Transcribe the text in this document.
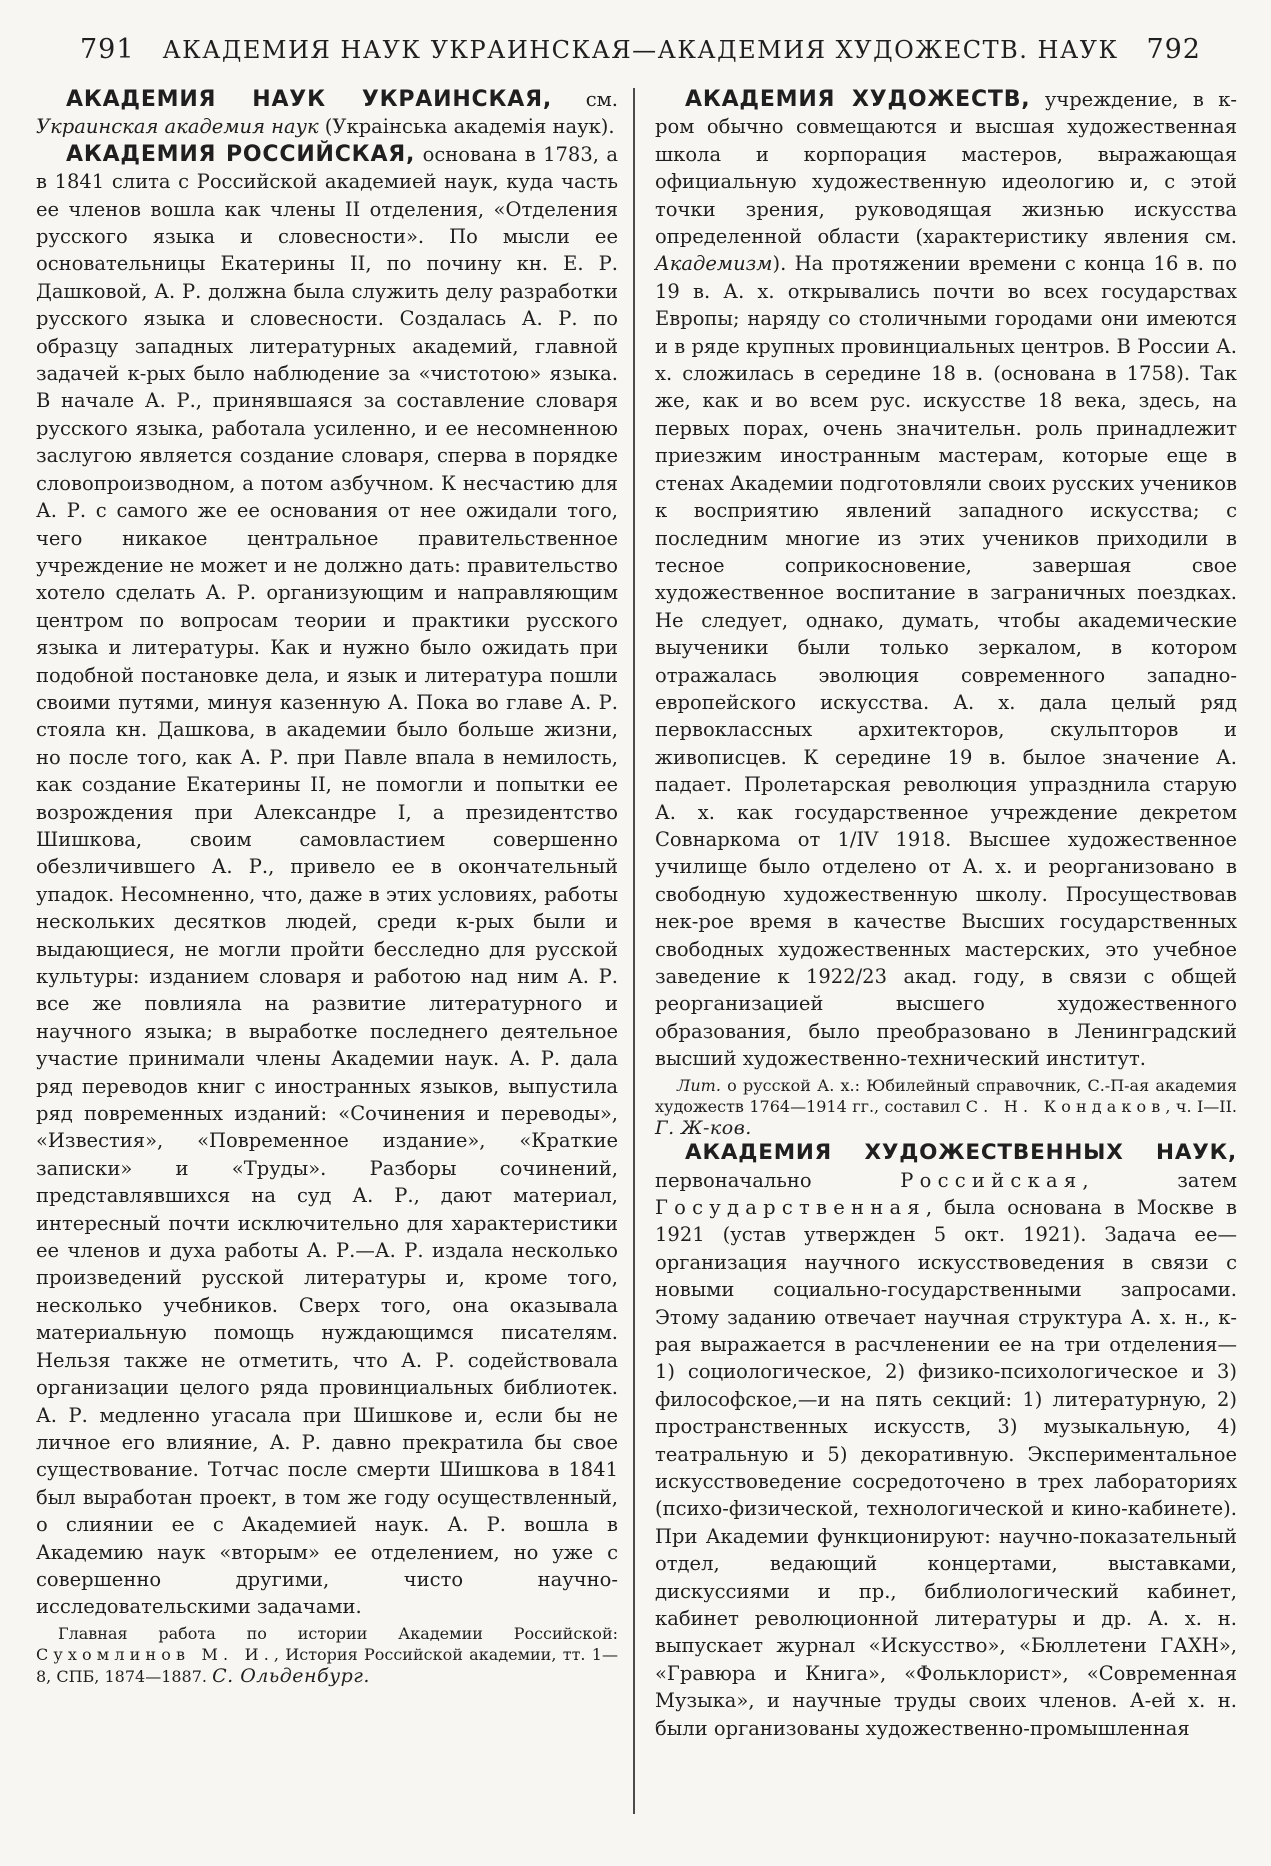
791	АКАДЕМИЯ НАУК УКРАИНСКАЯ—АКАДЕМИЯ ХУДОЖЕСТВ. НАУК	792

АКАДЕМИЯ НАУК УКРАИНСКАЯ, см. Украинская академия наук (Украінська академія наук).

АКАДЕМИЯ РОССИЙСКАЯ, основана в 1783, а в 1841 слита с Российской академией наук, куда часть ее членов вошла как члены II отделения, «Отделения русского языка и словесности». По мысли ее основательницы Екатерины II, по почину кн. Е. Р. Дашковой, А. Р. должна была служить делу разработки русского языка и словесности. Создалась А. Р. по образцу западных литературных академий, главной задачей к-рых было наблюдение за «чистотою» языка. В начале А. Р., принявшаяся за составление словаря русского языка, работала усиленно, и ее несомненною заслугою является создание словаря, сперва в порядке словопроизводном, а потом азбучном. К несчастию для А. Р. с самого же ее основания от нее ожидали того, чего никакое центральное правительственное учреждение не может и не должно дать: правительство хотело сделать А. Р. организующим и направляющим центром по вопросам теории и практики русского языка и литературы. Как и нужно было ожидать при подобной постановке дела, и язык и литература пошли своими путями, минуя казенную А. Пока во главе А. Р. стояла кн. Дашкова, в академии было больше жизни, но после того, как А. Р. при Павле впала в немилость, как создание Екатерины II, не помогли и попытки ее возрождения при Александре I, а президентство Шишкова, своим самовластием совершенно обезличившего А. Р., привело ее в окончательный упадок. Несомненно, что, даже в этих условиях, работы нескольких десятков людей, среди к-рых были и выдающиеся, не могли пройти бесследно для русской культуры: изданием словаря и работою над ним А. Р. все же повлияла на развитие литературного и научного языка; в выработке последнего деятельное участие принимали члены Академии наук. А. Р. дала ряд переводов книг с иностранных языков, выпустила ряд повременных изданий: «Сочинения и переводы», «Известия», «Повременное издание», «Краткие записки» и «Труды». Разборы сочинений, представлявшихся на суд А. Р., дают материал, интересный почти исключительно для характеристики ее членов и духа работы А. Р.—А. Р. издала несколько произведений русской литературы и, кроме того, несколько учебников. Сверх того, она оказывала материальную помощь нуждающимся писателям. Нельзя также не отметить, что А. Р. содействовала организации целого ряда провинциальных библиотек. А. Р. медленно угасала при Шишкове и, если бы не личное его влияние, А. Р. давно прекратила бы свое существование. Тотчас после смерти Шишкова в 1841 был выработан проект, в том же году осуществленный, о слиянии ее с Академией наук. А. Р. вошла в Академию наук «вторым» ее отделением, но уже с совершенно другими, чисто научно-исследовательскими задачами.

Главная работа по истории Академии Российской: Сухомлинов М. И., История Российской академии, тт. 1—8, СПБ, 1874—1887. С. Ольденбург.

АКАДЕМИЯ ХУДОЖЕСТВ, учреждение, в к-ром обычно совмещаются и высшая художественная школа и корпорация мастеров, выражающая официальную художественную идеологию и, с этой точки зрения, руководящая жизнью искусства определенной области (характеристику явления см. Академизм). На протяжении времени с конца 16 в. по 19 в. А. х. открывались почти во всех государствах Европы; наряду со столичными городами они имеются и в ряде крупных провинциальных центров. В России А. х. сложилась в середине 18 в. (основана в 1758). Так же, как и во всем рус. искусстве 18 века, здесь, на первых порах, очень значительн. роль принадлежит приезжим иностранным мастерам, которые еще в стенах Академии подготовляли своих русских учеников к восприятию явлений западного искусства; с последним многие из этих учеников приходили в тесное соприкосновение, завершая свое художественное воспитание в заграничных поездках. Не следует, однако, думать, чтобы академические выученики были только зеркалом, в котором отражалась эволюция современного западно-европейского искусства. А. х. дала целый ряд первоклассных архитекторов, скульпторов и живописцев. К середине 19 в. былое значение А. падает. Пролетарская революция упразднила старую А. х. как государственное учреждение декретом Совнаркома от 1/IV 1918. Высшее художественное училище было отделено от А. х. и реорганизовано в свободную художественную школу. Просуществовав нек-рое время в качестве Высших государственных свободных художественных мастерских, это учебное заведение к 1922/23 акад. году, в связи с общей реорганизацией высшего художественного образования, было преобразовано в Ленинградский высший художественно-технический институт.

Лит. о русской А. х.: Юбилейный справочник, С.-П-ая академия художеств 1764—1914 гг., составил С. Н. Кондаков, ч. I—II. Г. Ж-ков.

АКАДЕМИЯ ХУДОЖЕСТВЕННЫХ НАУК, первоначально Российская, затем Государственная, была основана в Москве в 1921 (устав утвержден 5 окт. 1921). Задача ее—организация научного искусствоведения в связи с новыми социально-государственными запросами. Этому заданию отвечает научная структура А. х. н., к-рая выражается в расчленении ее на три отделения—1) социологическое, 2) физико-психологическое и 3) философское,—и на пять секций: 1) литературную, 2) пространственных искусств, 3) музыкальную, 4) театральную и 5) декоративную. Экспериментальное искусствоведение сосредоточено в трех лабораториях (психо-физической, технологической и кино-кабинете). При Академии функционируют: научно-показательный отдел, ведающий концертами, выставками, дискуссиями и пр., библиологический кабинет, кабинет революционной литературы и др. А. х. н. выпускает журнал «Искусство», «Бюллетени ГАХН», «Гравюра и Книга», «Фольклорист», «Современная Музыка», и научные труды своих членов. А-ей х. н. были организованы художественно-промышленная
